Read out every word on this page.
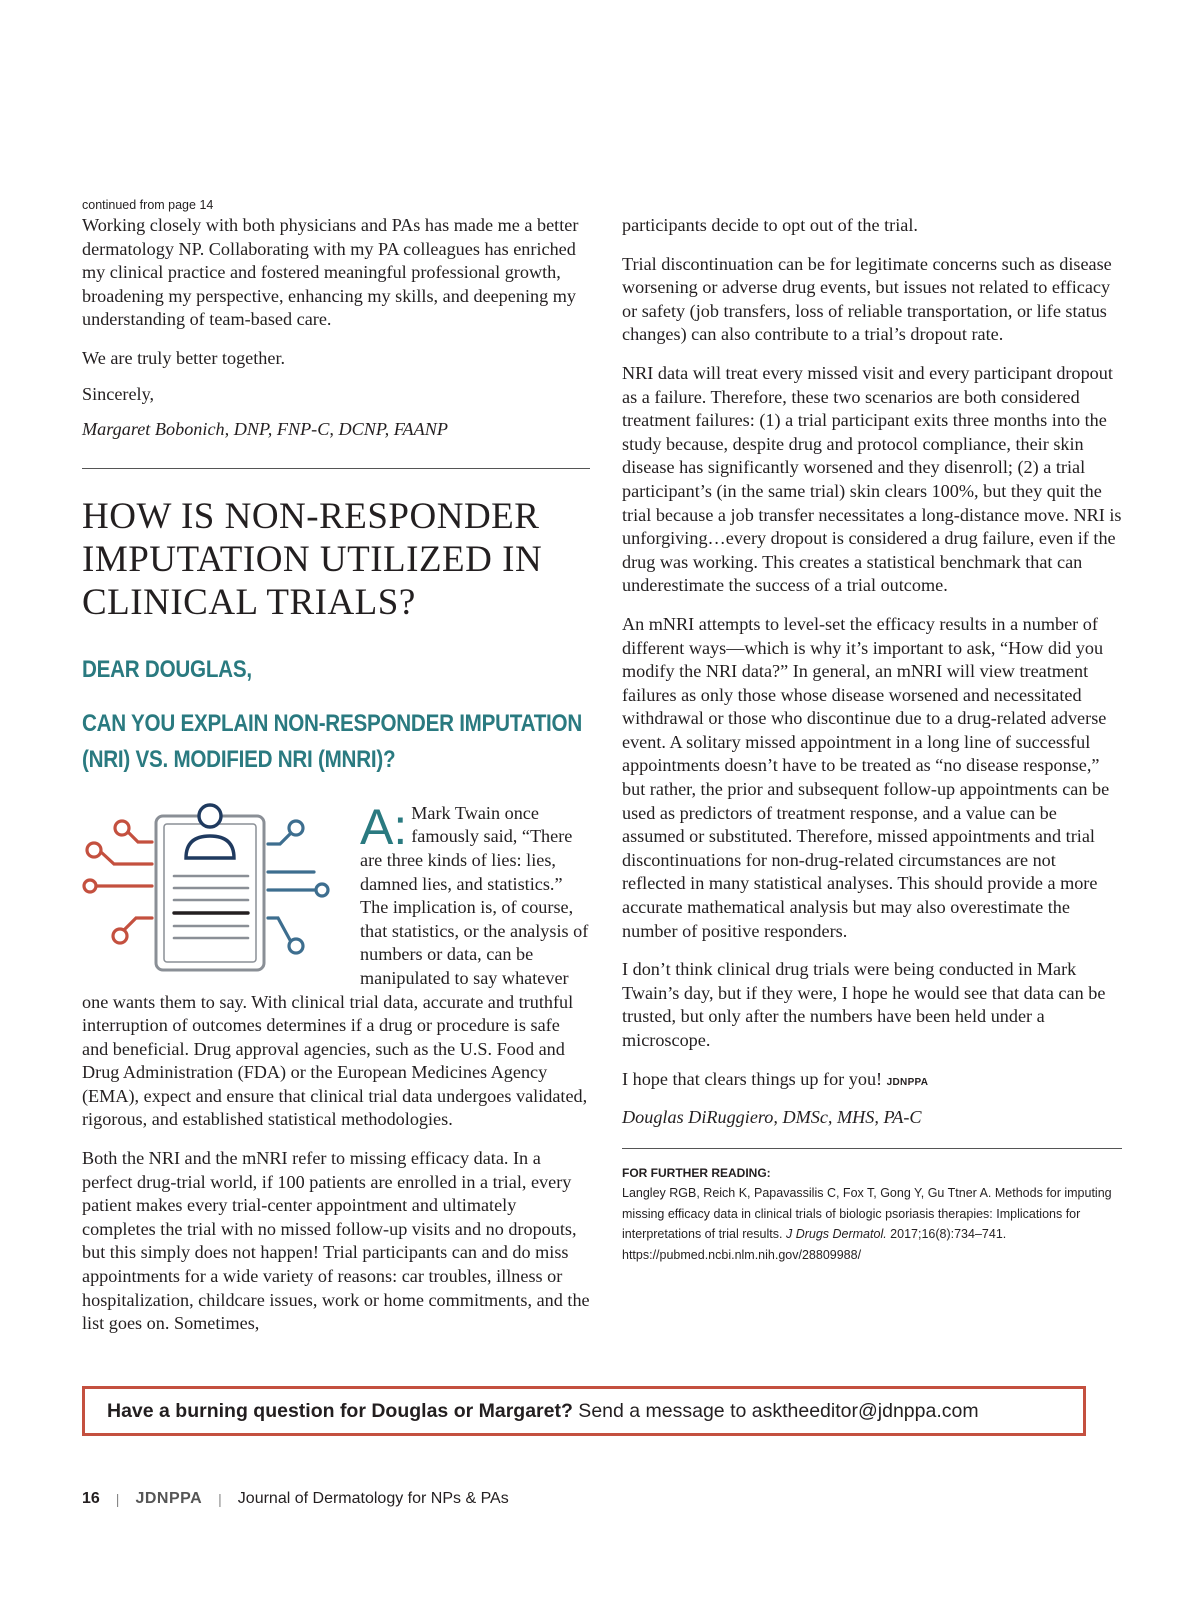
continued from page 14

Working closely with both physicians and PAs has made me a better dermatology NP. Collaborating with my PA colleagues has enriched my clinical practice and fostered meaningful professional growth, broadening my perspective, enhancing my skills, and deepening my understanding of team-based care.

We are truly better together.

Sincerely,

Margaret Bobonich, DNP, FNP-C, DCNP, FAANP

HOW IS NON-RESPONDER IMPUTATION UTILIZED IN CLINICAL TRIALS?
DEAR DOUGLAS,
CAN YOU EXPLAIN NON-RESPONDER IMPUTATION (NRI) VS. MODIFIED NRI (MNRI)?
A: Mark Twain once famously said, “There are three kinds of lies: lies, damned lies, and statistics.” The implication is, of course, that statistics, or the analysis of numbers or data, can be manipulated to say whatever one wants them to say. With clinical trial data, accurate and truthful interruption of outcomes determines if a drug or procedure is safe and beneficial. Drug approval agencies, such as the U.S. Food and Drug Administration (FDA) or the European Medicines Agency (EMA), expect and ensure that clinical trial data undergoes validated, rigorous, and established statistical methodologies.

Both the NRI and the mNRI refer to missing efficacy data. In a perfect drug-trial world, if 100 patients are enrolled in a trial, every patient makes every trial-center appointment and ultimately completes the trial with no missed follow-up visits and no dropouts, but this simply does not happen! Trial participants can and do miss appointments for a wide variety of reasons: car troubles, illness or hospitalization, childcare issues, work or home commitments, and the list goes on. Sometimes,

participants decide to opt out of the trial.

Trial discontinuation can be for legitimate concerns such as disease worsening or adverse drug events, but issues not related to efficacy or safety (job transfers, loss of reliable transportation, or life status changes) can also contribute to a trial’s dropout rate.

NRI data will treat every missed visit and every participant dropout as a failure. Therefore, these two scenarios are both considered treatment failures: (1) a trial participant exits three months into the study because, despite drug and protocol compliance, their skin disease has significantly worsened and they disenroll; (2) a trial participant’s (in the same trial) skin clears 100%, but they quit the trial because a job transfer necessitates a long-distance move. NRI is unforgiving…every dropout is considered a drug failure, even if the drug was working. This creates a statistical benchmark that can underestimate the success of a trial outcome.

An mNRI attempts to level-set the efficacy results in a number of different ways—which is why it’s important to ask, “How did you modify the NRI data?” In general, an mNRI will view treatment failures as only those whose disease worsened and necessitated withdrawal or those who discontinue due to a drug-related adverse event. A solitary missed appointment in a long line of successful appointments doesn’t have to be treated as “no disease response,” but rather, the prior and subsequent follow-up appointments can be used as predictors of treatment response, and a value can be assumed or substituted. Therefore, missed appointments and trial discontinuations for non-drug-related circumstances are not reflected in many statistical analyses. This should provide a more accurate mathematical analysis but may also overestimate the number of positive responders.

I don’t think clinical drug trials were being conducted in Mark Twain’s day, but if they were, I hope he would see that data can be trusted, but only after the numbers have been held under a microscope.

I hope that clears things up for you! JDNPPA

Douglas DiRuggiero, DMSc, MHS, PA-C

FOR FURTHER READING:
Langley RGB, Reich K, Papavassilis C, Fox T, Gong Y, Gu Ttner A. Methods for imputing missing efficacy data in clinical trials of biologic psoriasis therapies: Implications for interpretations of trial results. J Drugs Dermatol. 2017;16(8):734–741. https://pubmed.ncbi.nlm.nih.gov/28809988/
Have a burning question for Douglas or Margaret? Send a message to asktheeditor@jdnppa.com
16 | JDNPPA | Journal of Dermatology for NPs & PAs
